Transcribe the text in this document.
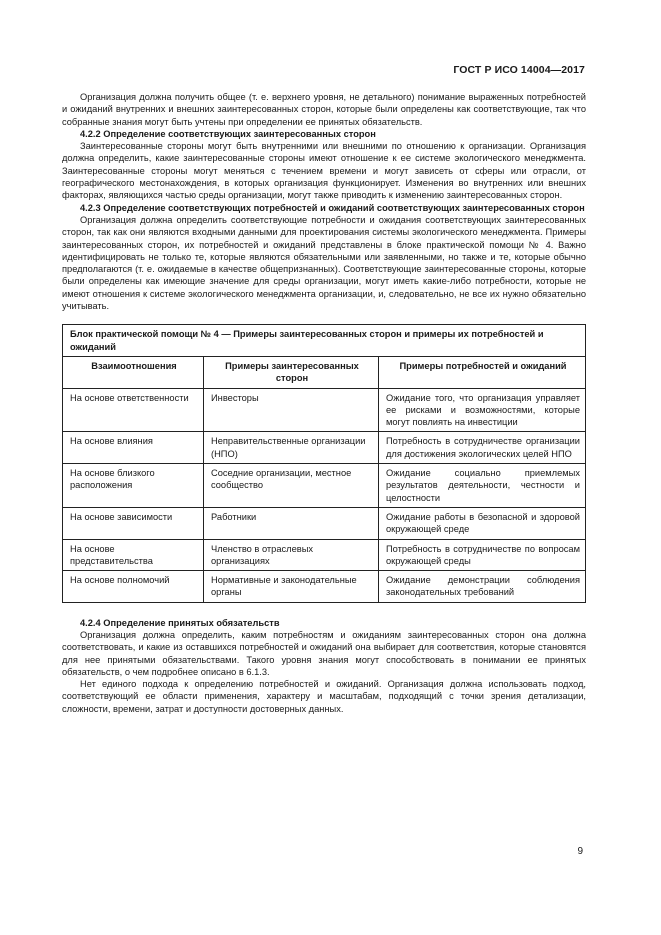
ГОСТ Р ИСО 14004—2017

Организация должна получить общее (т. е. верхнего уровня, не детального) понимание выраженных потребностей и ожиданий внутренних и внешних заинтересованных сторон, которые были определены как соответствующие, так что собранные знания могут быть учтены при определении ее принятых обязательств.

4.2.2 Определение соответствующих заинтересованных сторон

Заинтересованные стороны могут быть внутренними или внешними по отношению к организации. Организация должна определить, какие заинтересованные стороны имеют отношение к ее системе экологического менеджмента. Заинтересованные стороны могут меняться с течением времени и могут зависеть от сферы или отрасли, от географического местонахождения, в которых организация функционирует. Изменения во внутренних или внешних факторах, являющихся частью среды организации, могут также приводить к изменению заинтересованных сторон.

4.2.3 Определение соответствующих потребностей и ожиданий соответствующих заинтересованных сторон

Организация должна определить соответствующие потребности и ожидания соответствующих заинтересованных сторон, так как они являются входными данными для проектирования системы экологического менеджмента. Примеры заинтересованных сторон, их потребностей и ожиданий представлены в блоке практической помощи № 4. Важно идентифицировать не только те, которые являются обязательными или заявленными, но также и те, которые обычно предполагаются (т. е. ожидаемые в качестве общепризнанных). Соответствующие заинтересованные стороны, которые были определены как имеющие значение для среды организации, могут иметь какие-либо потребности, которые не имеют отношения к системе экологического менеджмента организации, и, следовательно, не все их нужно обязательно учитывать.

Блок практической помощи № 4 — Примеры заинтересованных сторон и примеры их потребностей и ожиданий		
Взаимоотношения	Примеры заинтересованных сторон	Примеры потребностей и ожиданий
На основе ответственности	Инвесторы	Ожидание того, что организация управляет ее рисками и возможностями, которые могут повлиять на инвестиции
На основе влияния	Неправительственные организации (НПО)	Потребность в сотрудничестве организации для достижения экологических целей НПО
На основе близкого расположения	Соседние организации, местное сообщество	Ожидание социально приемлемых результатов деятельности, честности и целостности
На основе зависимости	Работники	Ожидание работы в безопасной и здоровой окружающей среде
На основе представительства	Членство в отраслевых организациях	Потребность в сотрудничестве по вопросам окружающей среды
На основе полномочий	Нормативные и законодательные органы	Ожидание демонстрации соблюдения законодательных требований

4.2.4 Определение принятых обязательств

Организация должна определить, каким потребностям и ожиданиям заинтересованных сторон она должна соответствовать, и какие из оставшихся потребностей и ожиданий она выбирает для соответствия, которые становятся для нее принятыми обязательствами. Такого уровня знания могут способствовать в понимании ее принятых обязательств, о чем подробнее описано в 6.1.3.

Нет единого подхода к определению потребностей и ожиданий. Организация должна использовать подход, соответствующий ее области применения, характеру и масштабам, подходящий с точки зрения детализации, сложности, времени, затрат и доступности достоверных данных.

9
